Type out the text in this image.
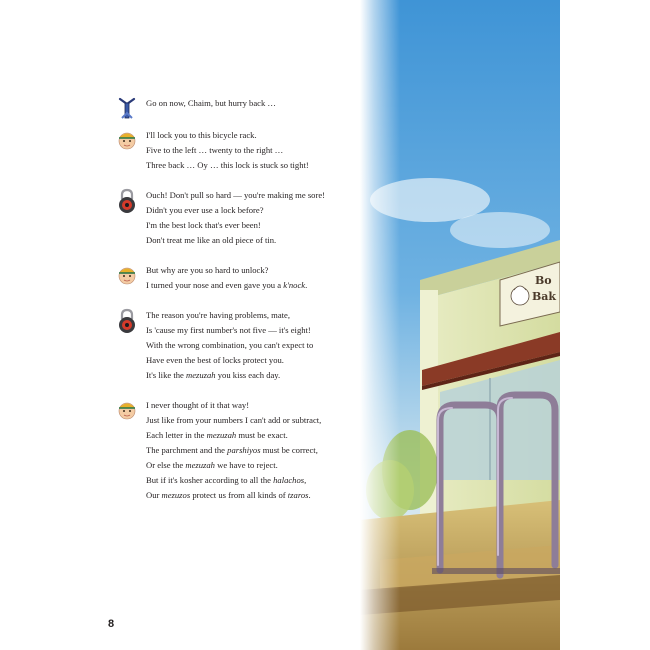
Bo
Bak
Go on now, Chaim, but hurry back …
I'll lock you to this bicycle rack.
Five to the left … twenty to the right …
Three back … Oy … this lock is stuck so tight!
Ouch! Don't pull so hard — you're making me sore!
Didn't you ever use a lock before?
I'm the best lock that's ever been!
Don't treat me like an old piece of tin.
But why are you so hard to unlock?
I turned your nose and even gave you a k'nock.
The reason you're having problems, mate,
Is 'cause my first number's not five — it's eight!
With the wrong combination, you can't expect to
Have even the best of locks protect you.
It's like the mezuzah you kiss each day.
I never thought of it that way!
Just like from your numbers I can't add or subtract,
Each letter in the mezuzah must be exact.
The parchment and the parshiyos must be correct,
Or else the mezuzah we have to reject.
But if it's kosher according to all the halachos,
Our mezuzos protect us from all kinds of tzaros.
8
